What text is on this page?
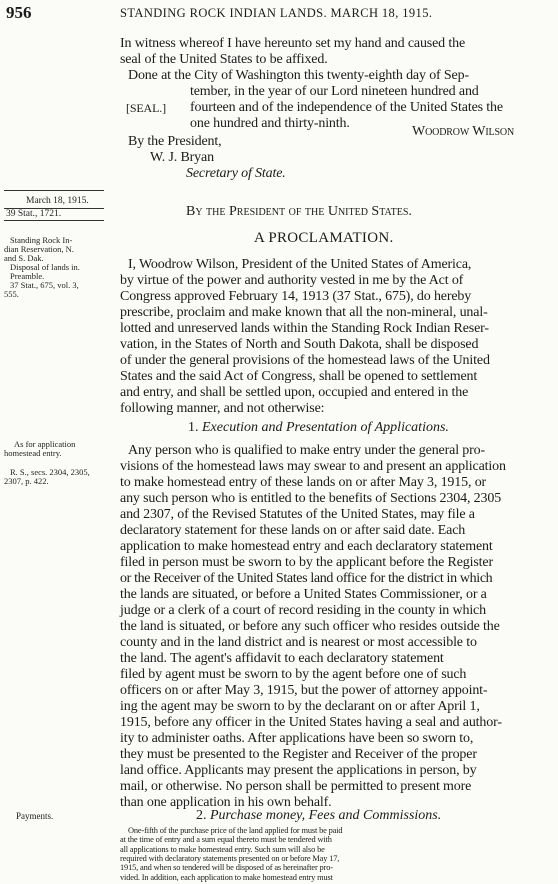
956	STANDING ROCK INDIAN LANDS. MARCH 18, 1915.
In witness whereof I have hereunto set my hand and caused the
seal of the United States to be affixed.
Done at the City of Washington this twenty-eighth day of Sep-
tember, in the year of our Lord nineteen hundred and
[SEAL.] fourteen and of the independence of the United States the
one hundred and thirty-ninth.
Woodrow Wilson
By the President,
W. J. Bryan
Secretary of State.
March 18, 1915.
39 Stat., 1721.	By the President of the United States.
A PROCLAMATION.
Standing Rock In-
dian Reservation, N.
and S. Dak.
Disposal of lands in.
Preamble.
37 Stat., 675, vol. 3,
555.
I, Woodrow Wilson, President of the United States of America,
by virtue of the power and authority vested in me by the Act of
Congress approved February 14, 1913 (37 Stat., 675), do hereby
prescribe, proclaim and make known that all the non-mineral, unal-
lotted and unreserved lands within the Standing Rock Indian Reser-
vation, in the States of North and South Dakota, shall be disposed
of under the general provisions of the homestead laws of the United
States and the said Act of Congress, shall be opened to settlement
and entry, and shall be settled upon, occupied and entered in the
following manner, and not otherwise:
1. Execution and Presentation of Applications.
As for application
homestead entry.
R. S., secs. 2304, 2305,
2307, p. 422.
Any person who is qualified to make entry under the general pro-
visions of the homestead laws may swear to and present an application
to make homestead entry of these lands on or after May 3, 1915, or
any such person who is entitled to the benefits of Sections 2304, 2305
and 2307, of the Revised Statutes of the United States, may file a
declaratory statement for these lands on or after said date. Each
application to make homestead entry and each declaratory statement
filed in person must be sworn to by the applicant before the Register
or the Receiver of the United States land office for the district in which
the lands are situated, or before a United States Commissioner, or a
judge or a clerk of a court of record residing in the county in which
the land is situated, or before any such officer who resides outside the
county and in the land district and is nearest or most accessible to
the land. The agent's affidavit to each declaratory statement
filed by agent must be sworn to by the agent before one of such
officers on or after May 3, 1915, but the power of attorney appoint-
ing the agent may be sworn to by the declarant on or after April 1,
1915, before any officer in the United States having a seal and author-
ity to administer oaths. After applications have been so sworn to,
they must be presented to the Register and Receiver of the proper
land office. Applicants may present the applications in person, by
mail, or otherwise. No person shall be permitted to present more
than one application in his own behalf.
2. Purchase money, Fees and Commissions.
Payments.
One-fifth of the purchase price of the land applied for must be paid
at the time of entry and a sum equal thereto must be tendered with
all applications to make homestead entry. Such sum will also be
required with declaratory statements presented on or before May 17,
1915, and when so tendered will be disposed of as hereinafter pro-
vided. In addition, each application to make homestead entry must
